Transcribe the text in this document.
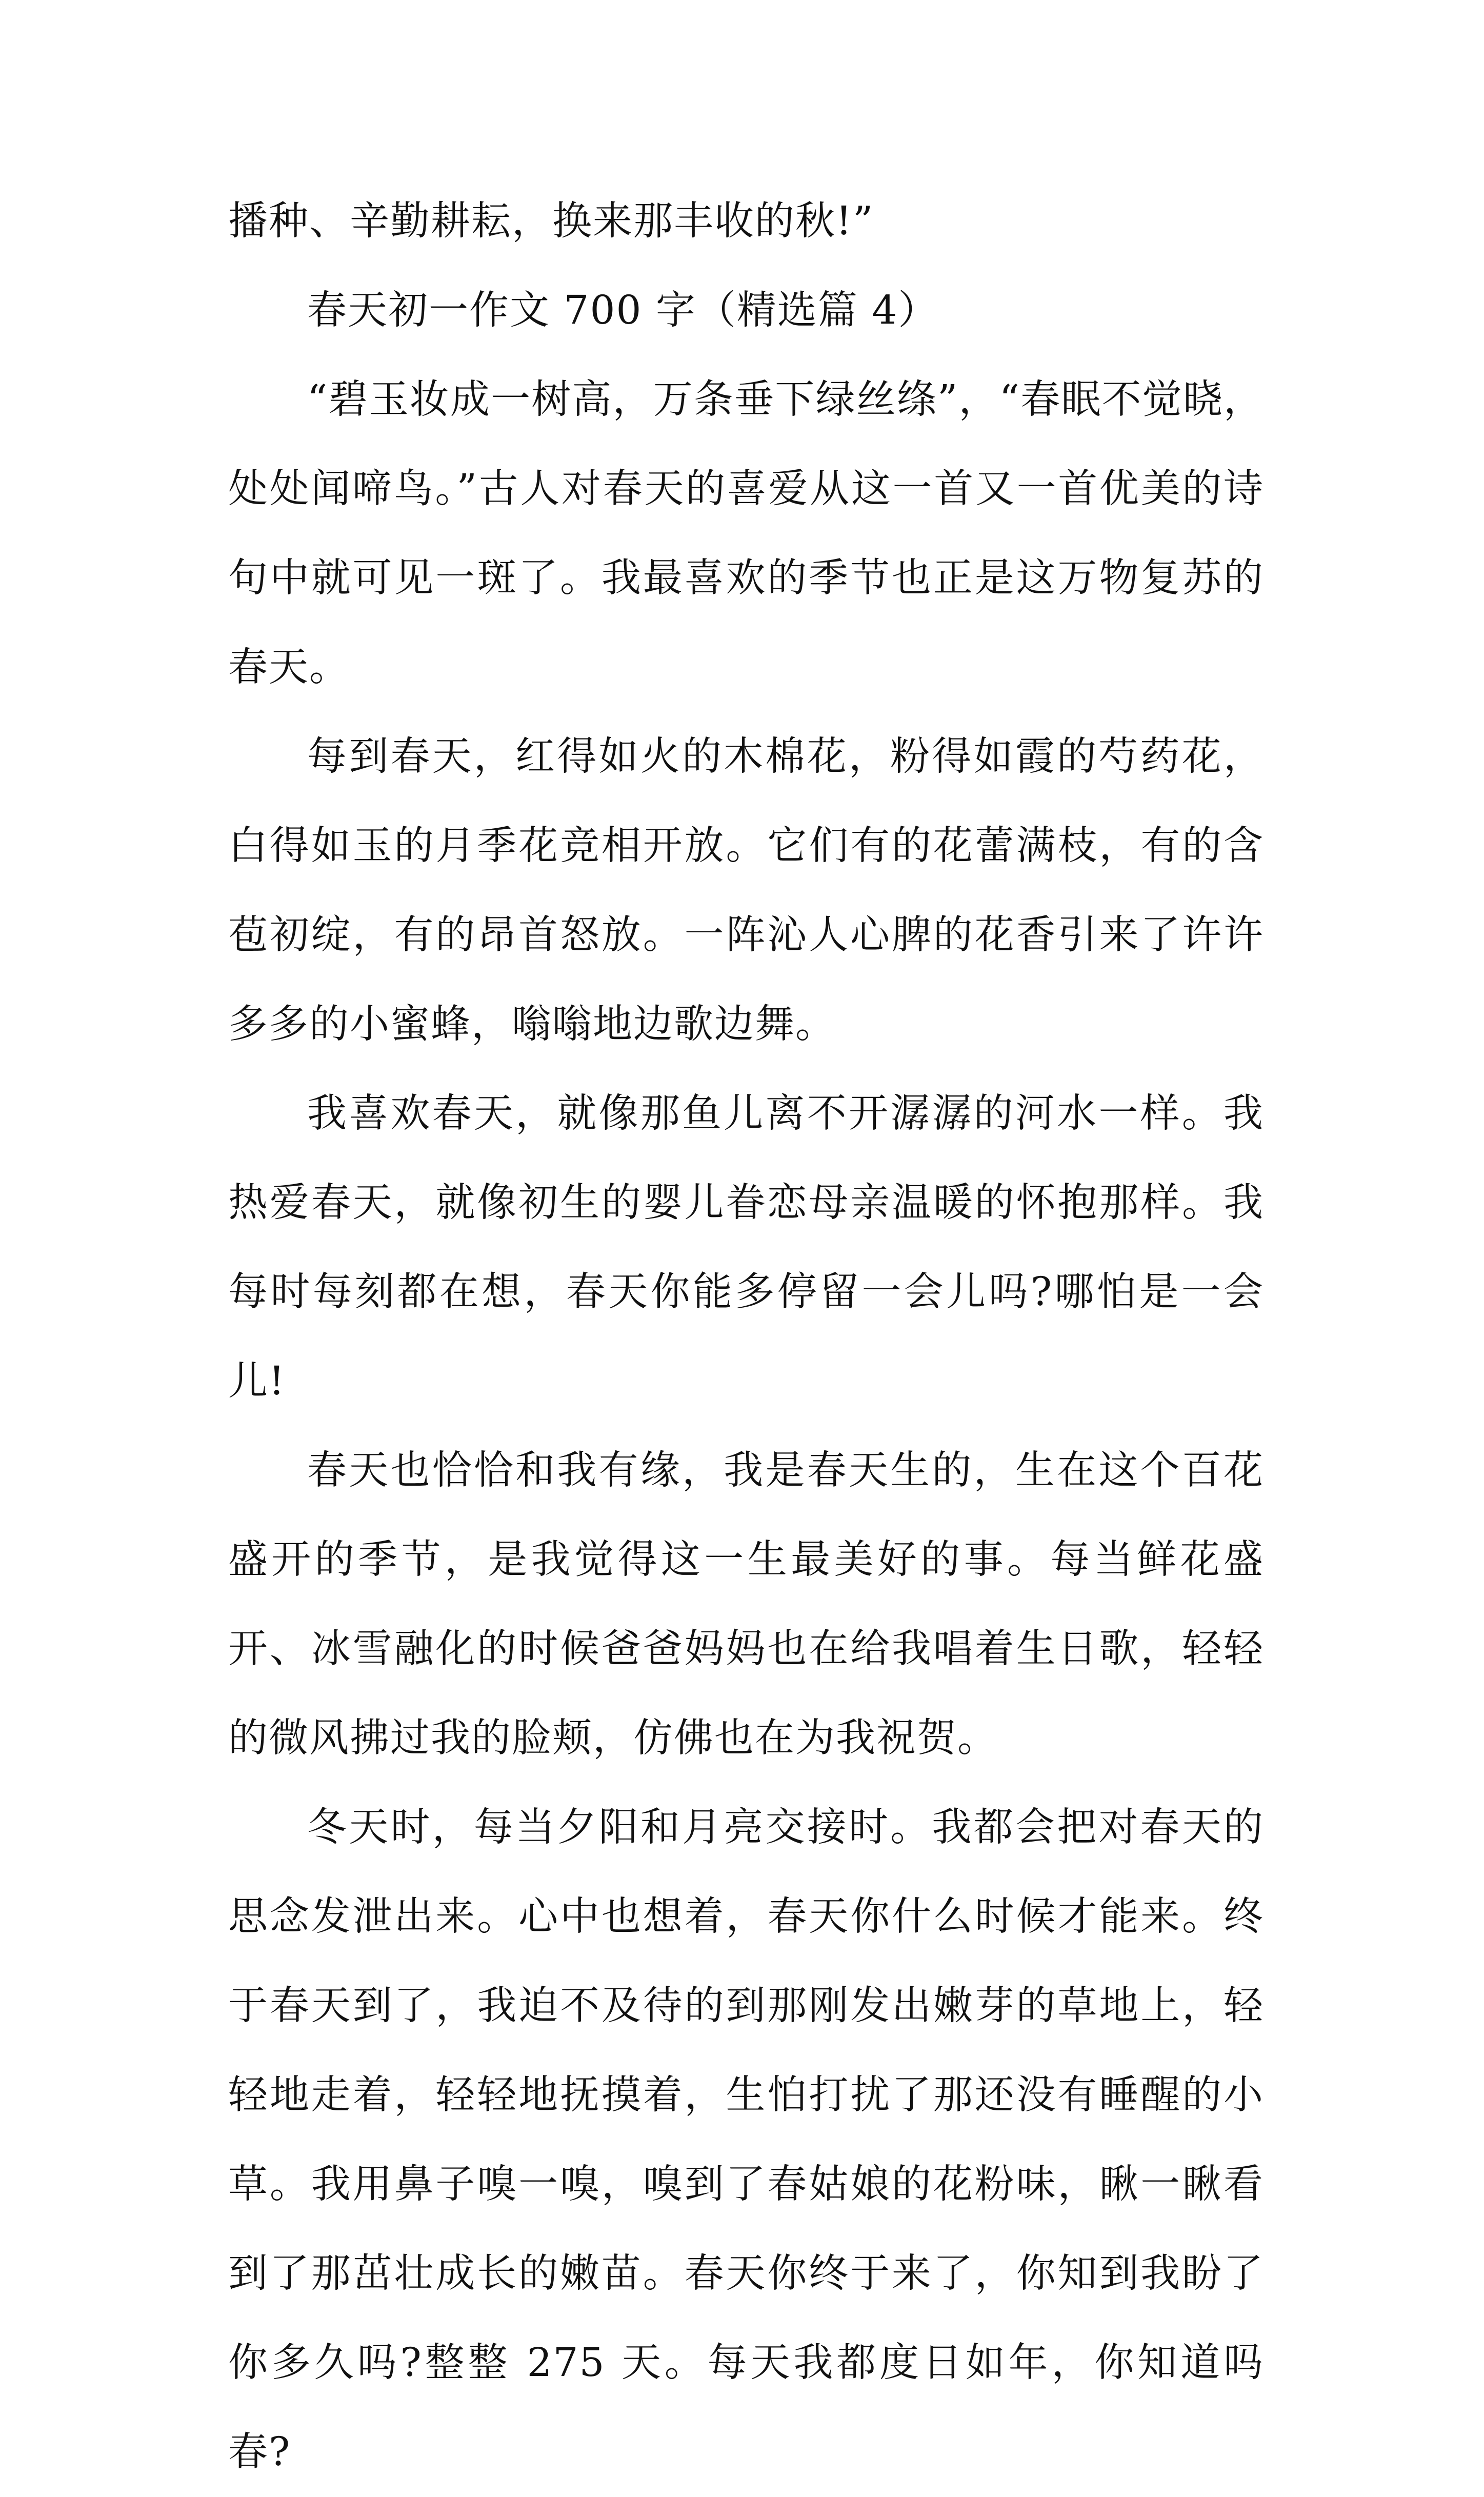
播种、辛勤耕耘，换来那丰收的秋!”

春天初一作文 700 字（精选篇 4）

“碧玉妆成一树高，万条垂下绿丝绦”，“春眠不觉晓，处处闻啼鸟。”古人对春天的喜爱从这一首又一首优美的诗句中就可见一斑了。我最喜欢的季节也正是这万物复苏的春天。

每到春天，红得如火的木棉花，粉得如霞的芍药花，白得如玉的月季花竞相开放。它们有的花蕾满枝，有的含苞初绽，有的昂首怒放。一阵沁人心脾的花香引来了许许多多的小蜜蜂，嗡嗡地边歌边舞。

我喜欢春天，就像那鱼儿离不开潺潺的河水一样。我热爱春天，就像初生的婴儿眷恋母亲温暖的怀抱那样。我每时每刻都在想，春天你能多停留一会儿吗?哪怕是一会儿!

春天也恰恰和我有缘，我是春天生的，生在这个百花盛开的季节，是我觉得这一生最美好的事。每当鲜花盛开、冰雪融化的时候爸爸妈妈也在给我唱着生日歌，轻轻的微风拂过我的脸颊，仿佛也在为我祝贺。

冬天时，每当夕阳和月亮交接时。我都会把对春天的思念发泄出来。心中也想着，春天你什么时候才能来。终于春天到了，我迫不及待的到那刚发出嫩芽的草地上，轻轻地走着，轻轻地抚摸着，生怕打扰了那还没有睡醒的小草。我用鼻子嗅一嗅，嗅到了春姑娘的花粉味，瞅一瞅看到了那茁壮成长的嫩苗。春天你终于来了，你知到我盼了你多久吗?整整 275 天。每天我都度日如年，你知道吗春?
